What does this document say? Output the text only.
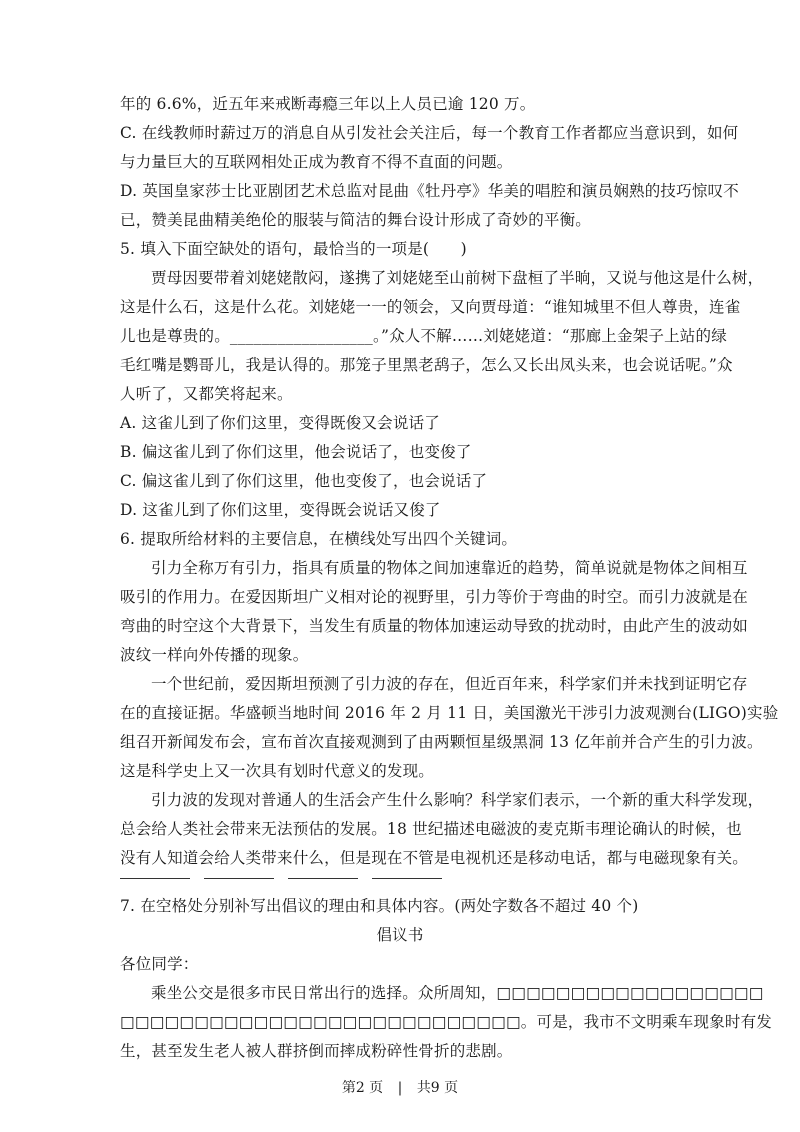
年的 6.6%，近五年来戒断毒瘾三年以上人员已逾 120 万。
C. 在线教师时薪过万的消息自从引发社会关注后，每一个教育工作者都应当意识到，如何
与力量巨大的互联网相处正成为教育不得不直面的问题。
D. 英国皇家莎士比亚剧团艺术总监对昆曲《牡丹亭》华美的唱腔和演员娴熟的技巧惊叹不
已，赞美昆曲精美绝伦的服装与简洁的舞台设计形成了奇妙的平衡。
5. 填入下面空缺处的语句，最恰当的一项是(　　)
贾母因要带着刘姥姥散闷，遂携了刘姥姥至山前树下盘桓了半晌，又说与他这是什么树，
这是什么石，这是什么花。刘姥姥一一的领会，又向贾母道：“谁知城里不但人尊贵，连雀
儿也是尊贵的。__________________。”众人不解……刘姥姥道：“那廊上金架子上站的绿
毛红嘴是鹦哥儿，我是认得的。那笼子里黑老鸹子，怎么又长出凤头来，也会说话呢。”众
人听了，又都笑将起来。
A. 这雀儿到了你们这里，变得既俊又会说话了
B. 偏这雀儿到了你们这里，他会说话了，也变俊了
C. 偏这雀儿到了你们这里，他也变俊了，也会说话了
D. 这雀儿到了你们这里，变得既会说话又俊了
6. 提取所给材料的主要信息，在横线处写出四个关键词。
引力全称万有引力，指具有质量的物体之间加速靠近的趋势，简单说就是物体之间相互
吸引的作用力。在爱因斯坦广义相对论的视野里，引力等价于弯曲的时空。而引力波就是在
弯曲的时空这个大背景下，当发生有质量的物体加速运动导致的扰动时，由此产生的波动如
波纹一样向外传播的现象。
一个世纪前，爱因斯坦预测了引力波的存在，但近百年来，科学家们并未找到证明它存
在的直接证据。华盛顿当地时间 2016 年 2 月 11 日，美国激光干涉引力波观测台(LIGO)实验
组召开新闻发布会，宣布首次直接观测到了由两颗恒星级黑洞 13 亿年前并合产生的引力波。
这是科学史上又一次具有划时代意义的发现。
引力波的发现对普通人的生活会产生什么影响？科学家们表示，一个新的重大科学发现，
总会给人类社会带来无法预估的发展。18 世纪描述电磁波的麦克斯韦理论确认的时候，也
没有人知道会给人类带来什么，但是现在不管是电视机还是移动电话，都与电磁现象有关。
7. 在空格处分别补写出倡议的理由和具体内容。(两处字数各不超过 40 个)
倡议书
各位同学：
乘坐公交是很多市民日常出行的选择。众所周知，□□□□□□□□□□□□□□□□□□
□□□□□□□□□□□□□□□□□□□□□□□□□□□。可是，我市不文明乘车现象时有发
生，甚至发生老人被人群挤倒而摔成粉碎性骨折的悲剧。
第2 页 | 共9 页
